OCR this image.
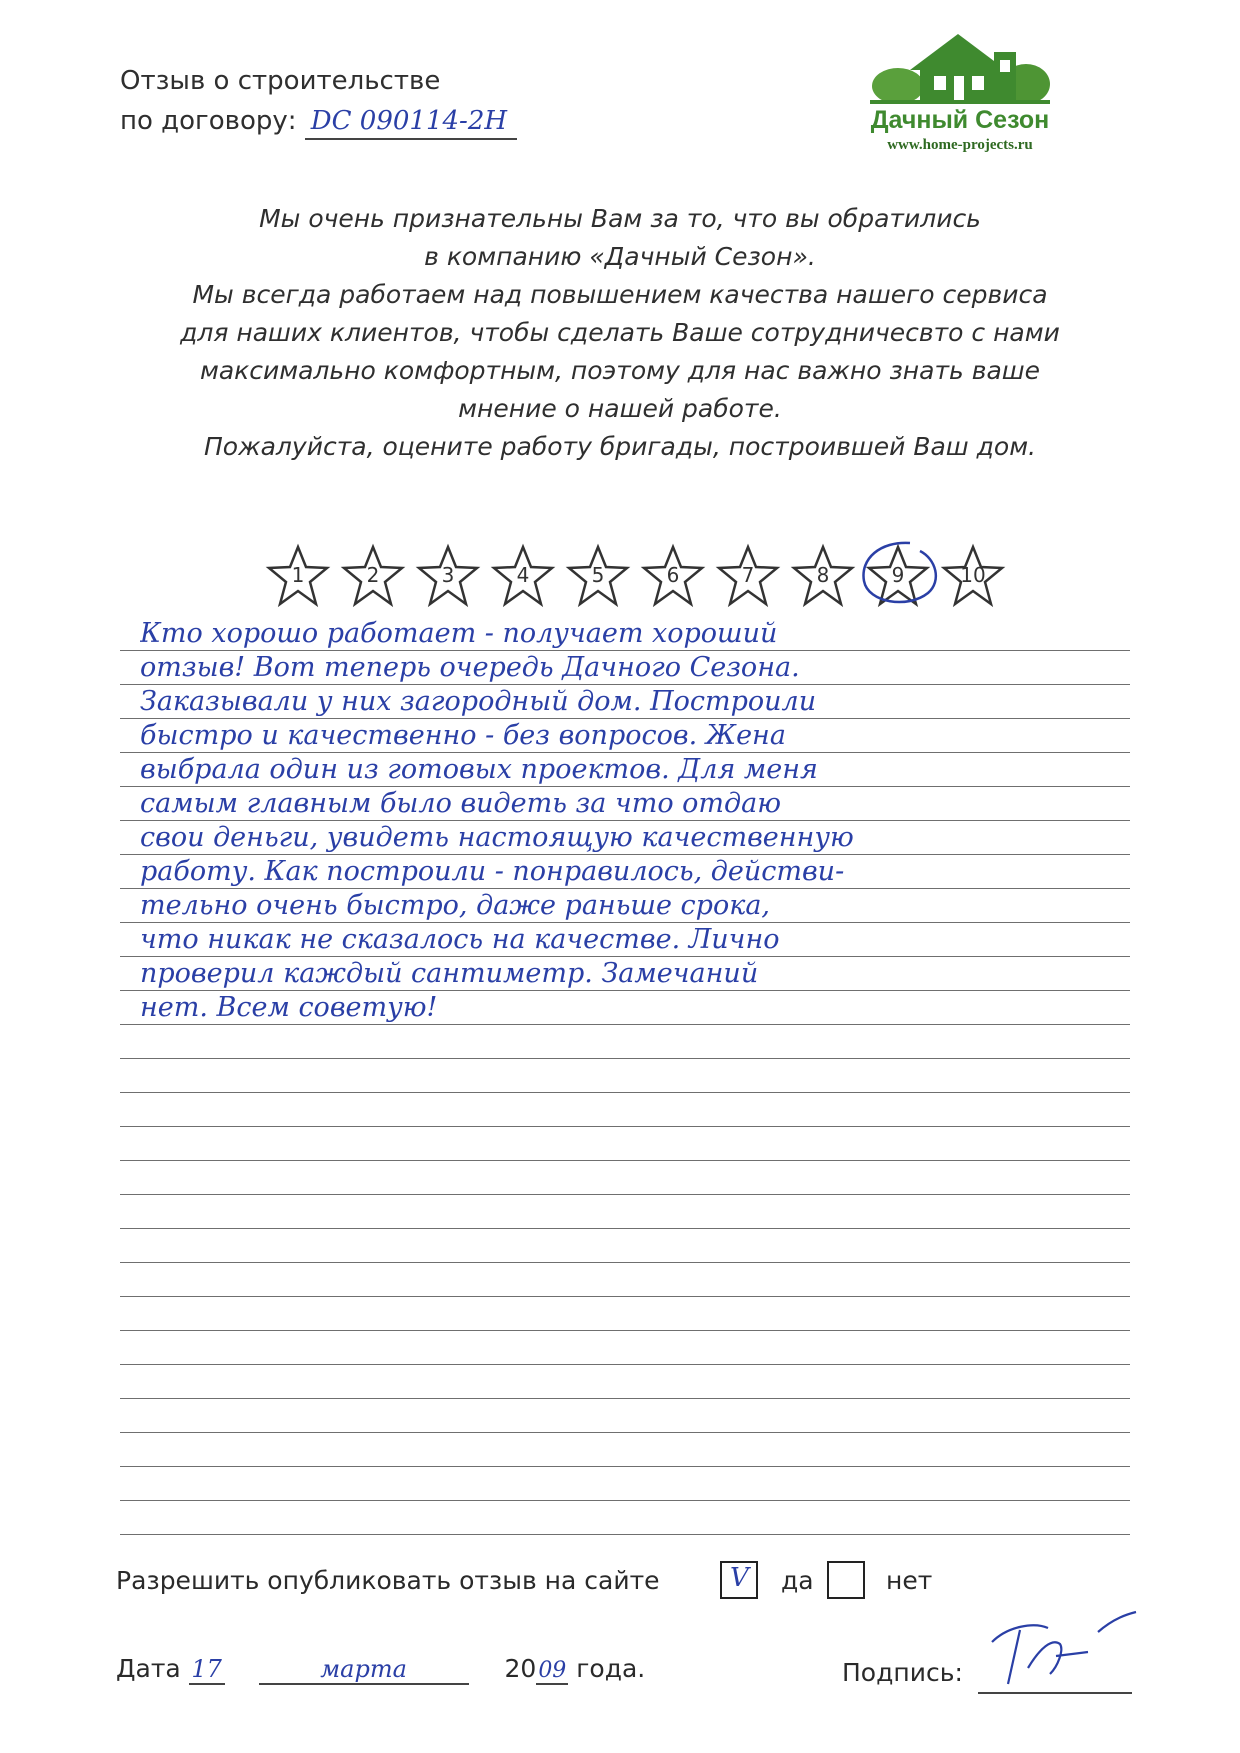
Отзыв о строительстве
по договору: DС 090114-2Н	Дачный Сезон
www.home-projects.ru
Мы очень признательны Вам за то, что вы обратились
в компанию «Дачный Сезон».
Мы всегда работаем над повышением качества нашего сервиса
для наших клиентов, чтобы сделать Ваше сотрудничесвто с нами
максимально комфортным, поэтому для нас важно знать ваше
мнение о нашей работе.
Пожалуйста, оцените работу бригады, построившей Ваш дом.
1	2	3	4	5	6	7	8	9	10
Кто хорошо работает - получает хороший
отзыв! Вот теперь очередь Дачного Сезона.
Заказывали у них загородный дом. Построили
быстро и качественно - без вопросов. Жена
выбрала один из готовых проектов. Для меня
самым главным было видеть за что отдаю
свои деньги, увидеть настоящую качественную
работу. Как построили - понравилось, действи-
тельно очень быстро, даже раньше срока,
что никак не сказалось на качестве. Лично
проверил каждый сантиметр. Замечаний
нет. Всем советую!
Разрешить опубликовать отзыв на сайте	V да	нет
Дата 17	марта	2009 года.	Подпись:
